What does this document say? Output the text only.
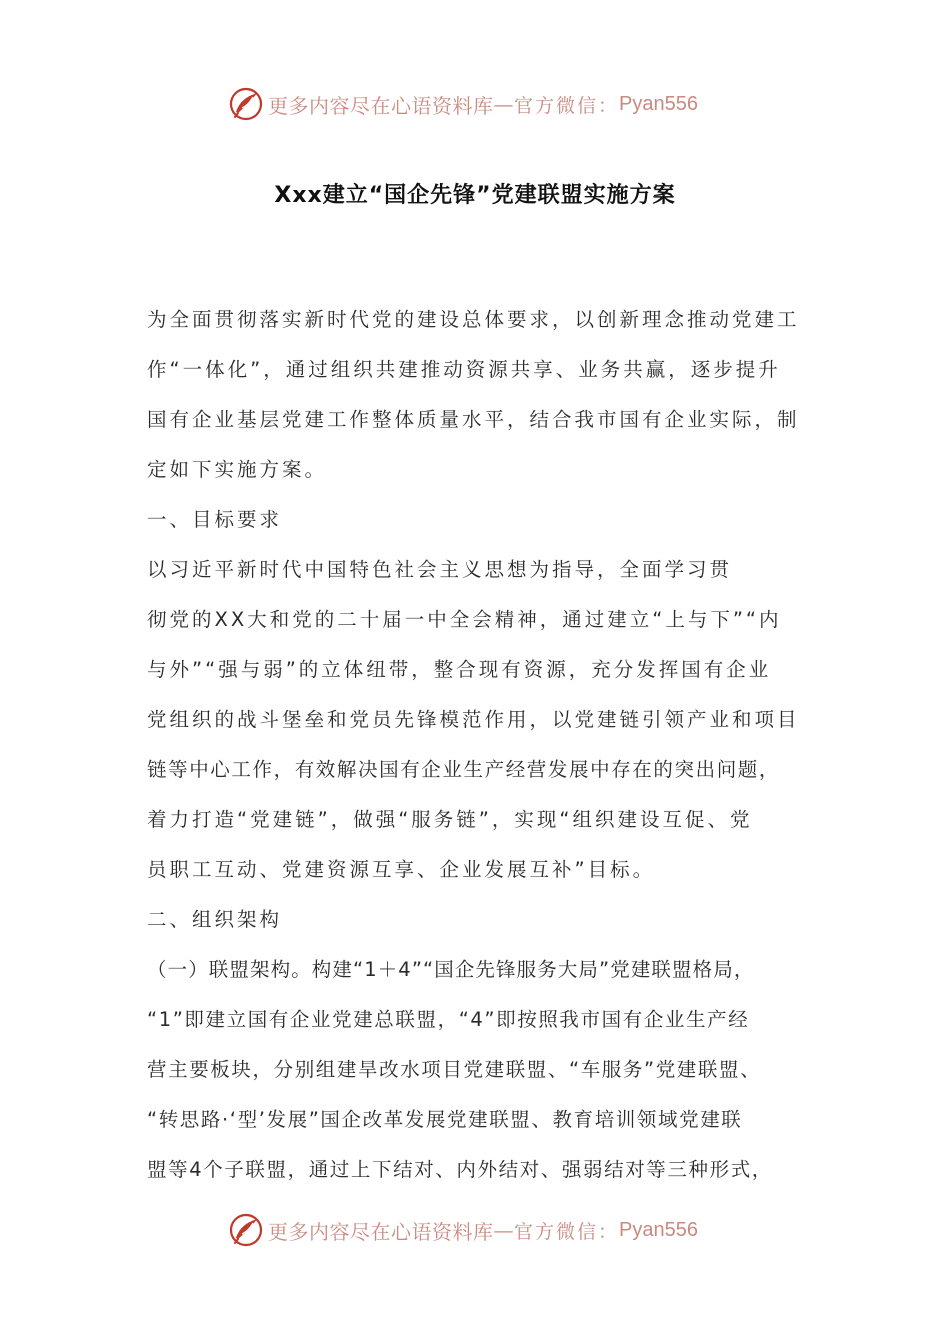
更多内容尽在心语资料库 — 官方微信： Pyan556
Xxx建立“国企先锋”党建联盟实施方案
为全面贯彻落实新时代党的建设总体要求，以创新理念推动党建工
作“一体化”，通过组织共建推动资源共享、业务共赢，逐步提升
国有企业基层党建工作整体质量水平，结合我市国有企业实际，制
定如下实施方案。
一、目标要求
以习近平新时代中国特色社会主义思想为指导，全面学习贯
彻党的XX大和党的二十届一中全会精神，通过建立“上与下”“内
与外”“强与弱”的立体纽带，整合现有资源，充分发挥国有企业
党组织的战斗堡垒和党员先锋模范作用，以党建链引领产业和项目
链等中心工作，有效解决国有企业生产经营发展中存在的突出问题，
着力打造“党建链”，做强“服务链”，实现“组织建设互促、党
员职工互动、党建资源互享、企业发展互补”目标。
二、组织架构
（一）联盟架构。构建“1＋4”“国企先锋服务大局”党建联盟格局，
“1”即建立国有企业党建总联盟，“4”即按照我市国有企业生产经
营主要板块，分别组建旱改水项目党建联盟、“车服务”党建联盟、
“转思路·‘型’发展”国企改革发展党建联盟、教育培训领域党建联
盟等4个子联盟，通过上下结对、内外结对、强弱结对等三种形式，
更多内容尽在心语资料库 — 官方微信： Pyan556
